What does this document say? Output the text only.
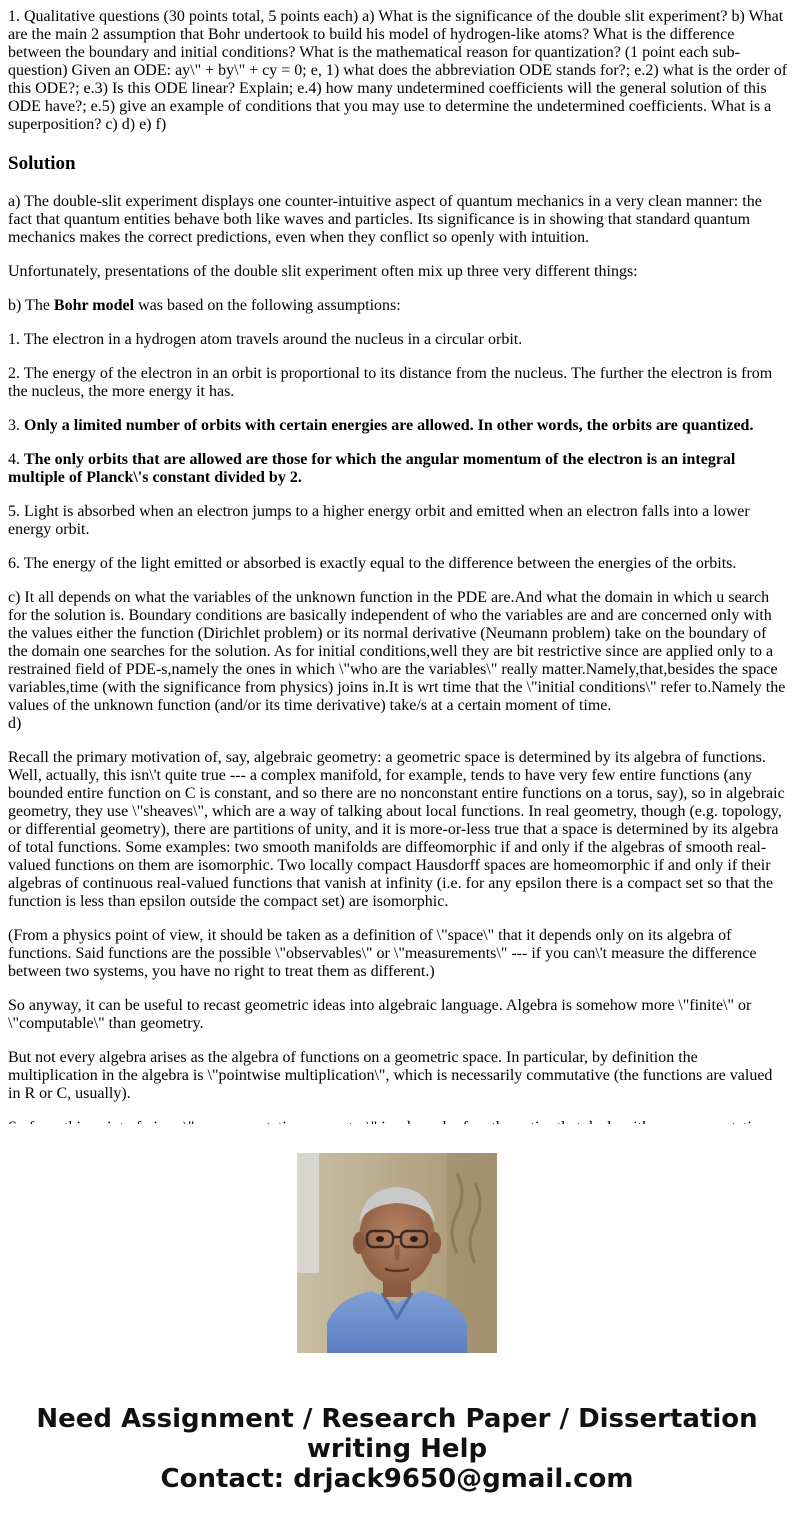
1. Qualitative questions (30 points total, 5 points each) a) What is the significance of the double slit experiment? b) What are the main 2 assumption that Bohr undertook to build his model of hydrogen-like atoms? What is the difference between the boundary and initial conditions? What is the mathematical reason for quantization? (1 point each sub-question) Given an ODE: ay\" + by\" + cy = 0; e, 1) what does the abbreviation ODE stands for?; e.2) what is the order of this ODE?; e.3) Is this ODE linear? Explain; e.4) how many undetermined coefficients will the general solution of this ODE have?; e.5) give an example of conditions that you may use to determine the undetermined coefficients. What is a superposition? c) d) e) f)

Solution

a) The double-slit experiment displays one counter-intuitive aspect of quantum mechanics in a very clean manner: the fact that quantum entities behave both like waves and particles. Its significance is in showing that standard quantum mechanics makes the correct predictions, even when they conflict so openly with intuition.

Unfortunately, presentations of the double slit experiment often mix up three very different things:

b) The Bohr model was based on the following assumptions:

1. The electron in a hydrogen atom travels around the nucleus in a circular orbit.

2. The energy of the electron in an orbit is proportional to its distance from the nucleus. The further the electron is from the nucleus, the more energy it has.

3. Only a limited number of orbits with certain energies are allowed. In other words, the orbits are quantized.

4. The only orbits that are allowed are those for which the angular momentum of the electron is an integral multiple of Planck\'s constant divided by 2.

5. Light is absorbed when an electron jumps to a higher energy orbit and emitted when an electron falls into a lower energy orbit.

6. The energy of the light emitted or absorbed is exactly equal to the difference between the energies of the orbits.

c) It all depends on what the variables of the unknown function in the PDE are.And what the domain in which u search for the solution is. Boundary conditions are basically independent of who the variables are and are concerned only with the values either the function (Dirichlet problem) or its normal derivative (Neumann problem) take on the boundary of the domain one searches for the solution. As for initial conditions,well they are bit restrictive since are applied only to a restrained field of PDE-s,namely the ones in which \"who are the variables\" really matter.Namely,that,besides the space variables,time (with the significance from physics) joins in.It is wrt time that the \"initial conditions\" refer to.Namely the values of the unknown function (and/or its time derivative) take/s at a certain moment of time.
d)

Recall the primary motivation of, say, algebraic geometry: a geometric space is determined by its algebra of functions. Well, actually, this isn\'t quite true --- a complex manifold, for example, tends to have very few entire functions (any bounded entire function on C is constant, and so there are no nonconstant entire functions on a torus, say), so in algebraic geometry, they use \"sheaves\", which are a way of talking about local functions. In real geometry, though (e.g. topology, or differential geometry), there are partitions of unity, and it is more-or-less true that a space is determined by its algebra of total functions. Some examples: two smooth manifolds are diffeomorphic if and only if the algebras of smooth real-valued functions on them are isomorphic. Two locally compact Hausdorff spaces are homeomorphic if and only if their algebras of continuous real-valued functions that vanish at infinity (i.e. for any epsilon there is a compact set so that the function is less than epsilon outside the compact set) are isomorphic.

(From a physics point of view, it should be taken as a definition of \"space\" that it depends only on its algebra of functions. Said functions are the possible \"observables\" or \"measurements\" --- if you can\'t measure the difference between two systems, you have no right to treat them as different.)

So anyway, it can be useful to recast geometric ideas into algebraic language. Algebra is somehow more \"finite\" or \"computable\" than geometry.

But not every algebra arises as the algebra of functions on a geometric space. In particular, by definition the multiplication in the algebra is \"pointwise multiplication\", which is necessarily commutative (the functions are valued in R or C, usually).

Need Assignment / Research Paper / Dissertation
writing Help
Contact: drjack9650@gmail.com
